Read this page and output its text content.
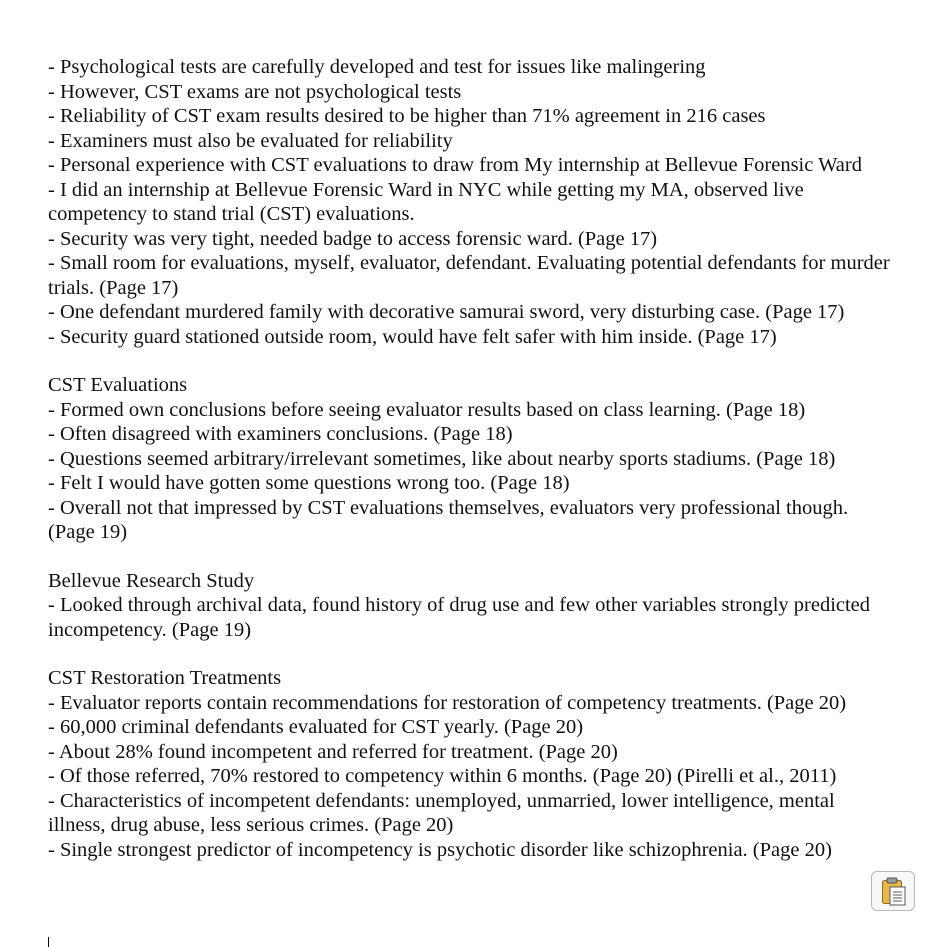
- Psychological tests are carefully developed and test for issues like malingering

- However, CST exams are not psychological tests

- Reliability of CST exam results desired to be higher than 71% agreement in 216 cases

- Examiners must also be evaluated for reliability

- Personal experience with CST evaluations to draw from My internship at Bellevue Forensic Ward

- I did an internship at Bellevue Forensic Ward in NYC while getting my MA, observed live competency to stand trial (CST) evaluations.

- Security was very tight, needed badge to access forensic ward. (Page 17)

- Small room for evaluations, myself, evaluator, defendant. Evaluating potential defendants for murder trials. (Page 17)

- One defendant murdered family with decorative samurai sword, very disturbing case. (Page 17)

- Security guard stationed outside room, would have felt safer with him inside. (Page 17)

CST Evaluations

- Formed own conclusions before seeing evaluator results based on class learning. (Page 18)

- Often disagreed with examiners conclusions. (Page 18)

- Questions seemed arbitrary/irrelevant sometimes, like about nearby sports stadiums. (Page 18)

- Felt I would have gotten some questions wrong too. (Page 18)

- Overall not that impressed by CST evaluations themselves, evaluators very professional though. (Page 19)

Bellevue Research Study

- Looked through archival data, found history of drug use and few other variables strongly predicted incompetency. (Page 19)

CST Restoration Treatments

- Evaluator reports contain recommendations for restoration of competency treatments. (Page 20)

- 60,000 criminal defendants evaluated for CST yearly. (Page 20)

- About 28% found incompetent and referred for treatment. (Page 20)

- Of those referred, 70% restored to competency within 6 months. (Page 20) (Pirelli et al., 2011)

- Characteristics of incompetent defendants: unemployed, unmarried, lower intelligence, mental illness, drug abuse, less serious crimes. (Page 20)

- Single strongest predictor of incompetency is psychotic disorder like schizophrenia. (Page 20)
